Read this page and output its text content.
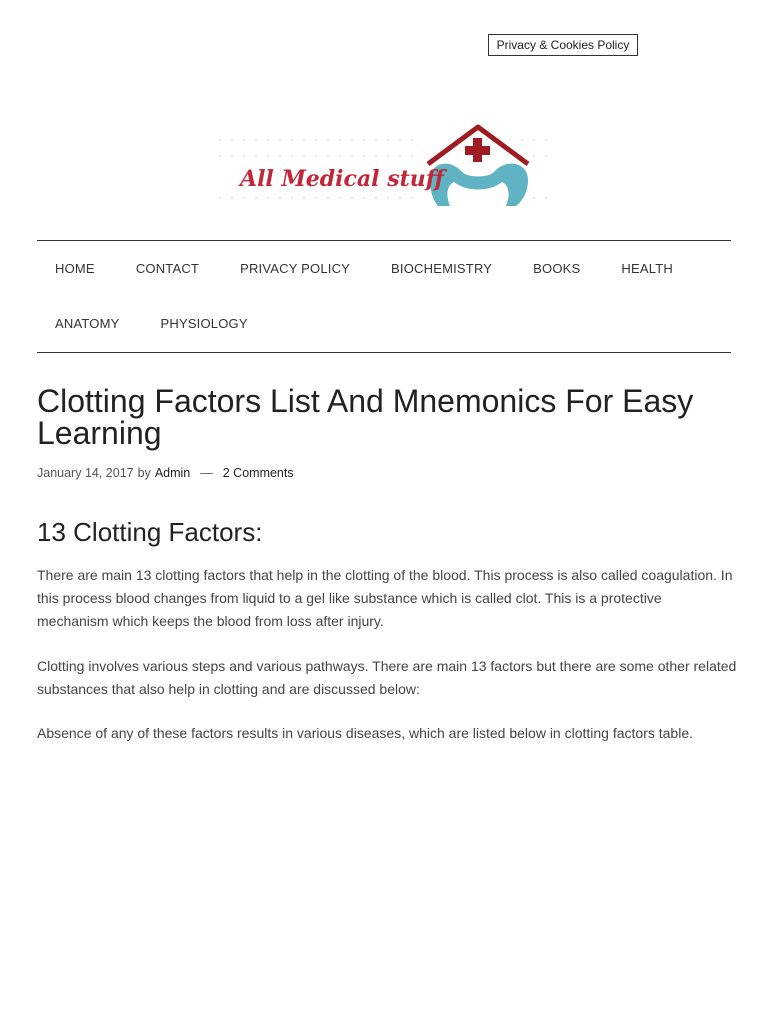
Privacy & Cookies Policy
All Medical stuff
HOME	CONTACT	PRIVACY POLICY	BIOCHEMISTRY	BOOKS	HEALTH
ANATOMY	PHYSIOLOGY
Clotting Factors List And Mnemonics For Easy Learning
January 14, 2017 by Admin — 2 Comments
13 Clotting Factors:

There are main 13 clotting factors that help in the clotting of the blood. This process is also called coagulation. In this process blood changes from liquid to a gel like substance which is called clot. This is a protective mechanism which keeps the blood from loss after injury.

Clotting involves various steps and various pathways. There are main 13 factors but there are some other related substances that also help in clotting and are discussed below:

Absence of any of these factors results in various diseases, which are listed below in clotting factors table.
